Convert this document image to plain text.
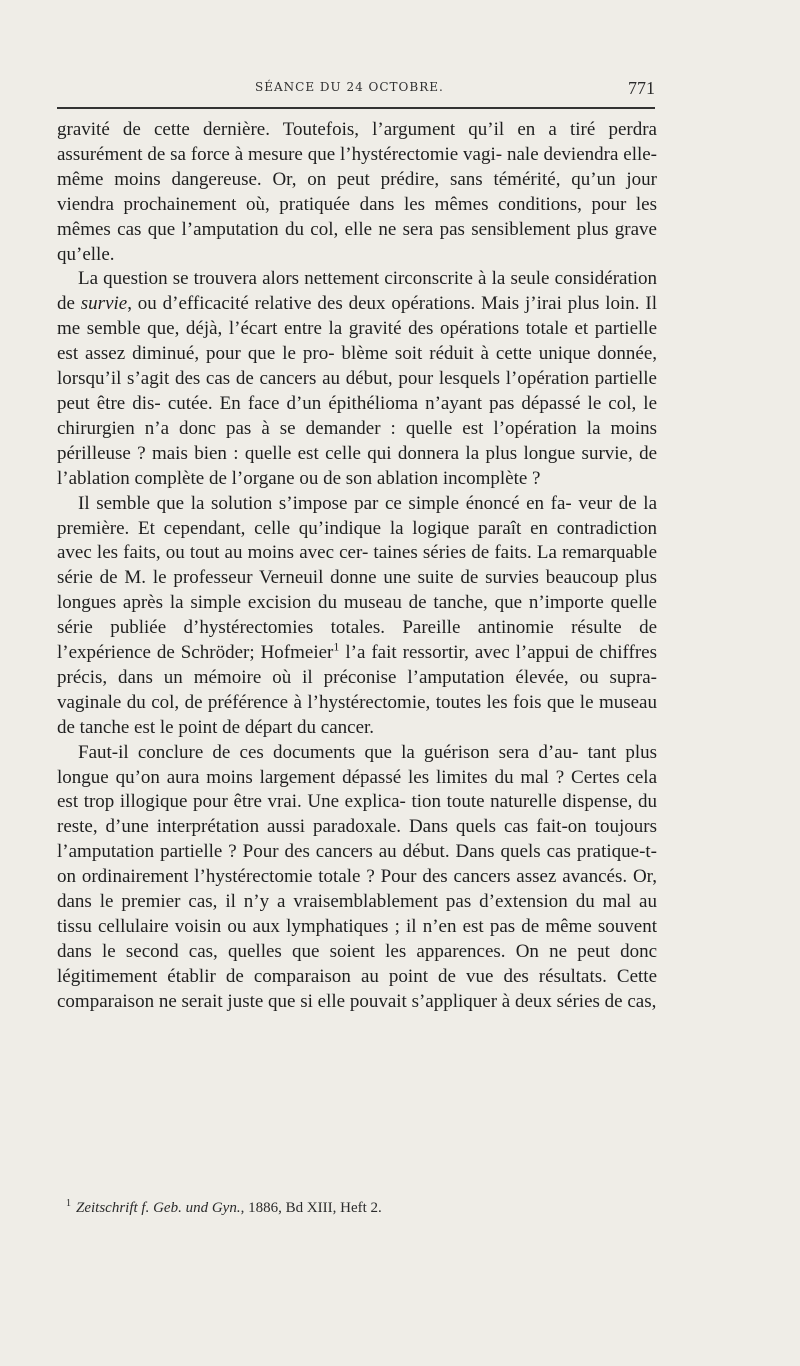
SÉANCE DU 24 OCTOBRE.	771

gravité de cette dernière. Toutefois, l’argument qu’il en a tiré perdra assurément de sa force à mesure que l’hystérectomie vagi- nale deviendra elle-même moins dangereuse. Or, on peut prédire, sans témérité, qu’un jour viendra prochainement où, pratiquée dans les mêmes conditions, pour les mêmes cas que l’amputation du col, elle ne sera pas sensiblement plus grave qu’elle.

La question se trouvera alors nettement circonscrite à la seule considération de survie, ou d’efficacité relative des deux opérations. Mais j’irai plus loin. Il me semble que, déjà, l’écart entre la gravité des opérations totale et partielle est assez diminué, pour que le pro- blème soit réduit à cette unique donnée, lorsqu’il s’agit des cas de cancers au début, pour lesquels l’opération partielle peut être dis- cutée. En face d’un épithélioma n’ayant pas dépassé le col, le chirurgien n’a donc pas à se demander : quelle est l’opération la moins périlleuse ? mais bien : quelle est celle qui donnera la plus longue survie, de l’ablation complète de l’organe ou de son ablation incomplète ?

Il semble que la solution s’impose par ce simple énoncé en fa- veur de la première. Et cependant, celle qu’indique la logique paraît en contradiction avec les faits, ou tout au moins avec cer- taines séries de faits. La remarquable série de M. le professeur Verneuil donne une suite de survies beaucoup plus longues après la simple excision du museau de tanche, que n’importe quelle série publiée d’hystérectomies totales. Pareille antinomie résulte de l’expérience de Schröder; Hofmeier$^1$ l’a fait ressortir, avec l’appui de chiffres précis, dans un mémoire où il préconise l’amputation élevée, ou supra-vaginale du col, de préférence à l’hystérectomie, toutes les fois que le museau de tanche est le point de départ du cancer.

Faut-il conclure de ces documents que la guérison sera d’au- tant plus longue qu’on aura moins largement dépassé les limites du mal ? Certes cela est trop illogique pour être vrai. Une explica- tion toute naturelle dispense, du reste, d’une interprétation aussi paradoxale. Dans quels cas fait-on toujours l’amputation partielle ? Pour des cancers au début. Dans quels cas pratique-t-on ordinairement l’hystérectomie totale ? Pour des cancers assez avancés. Or, dans le premier cas, il n’y a vraisemblablement pas d’extension du mal au tissu cellulaire voisin ou aux lymphatiques ; il n’en est pas de même souvent dans le second cas, quelles que soient les apparences. On ne peut donc légitimement établir de comparaison au point de vue des résultats. Cette comparaison ne serait juste que si elle pouvait s’appliquer à deux séries de cas,

$^1$ Zeitschrift f. Geb. und Gyn., 1886, Bd XIII, Heft 2.
